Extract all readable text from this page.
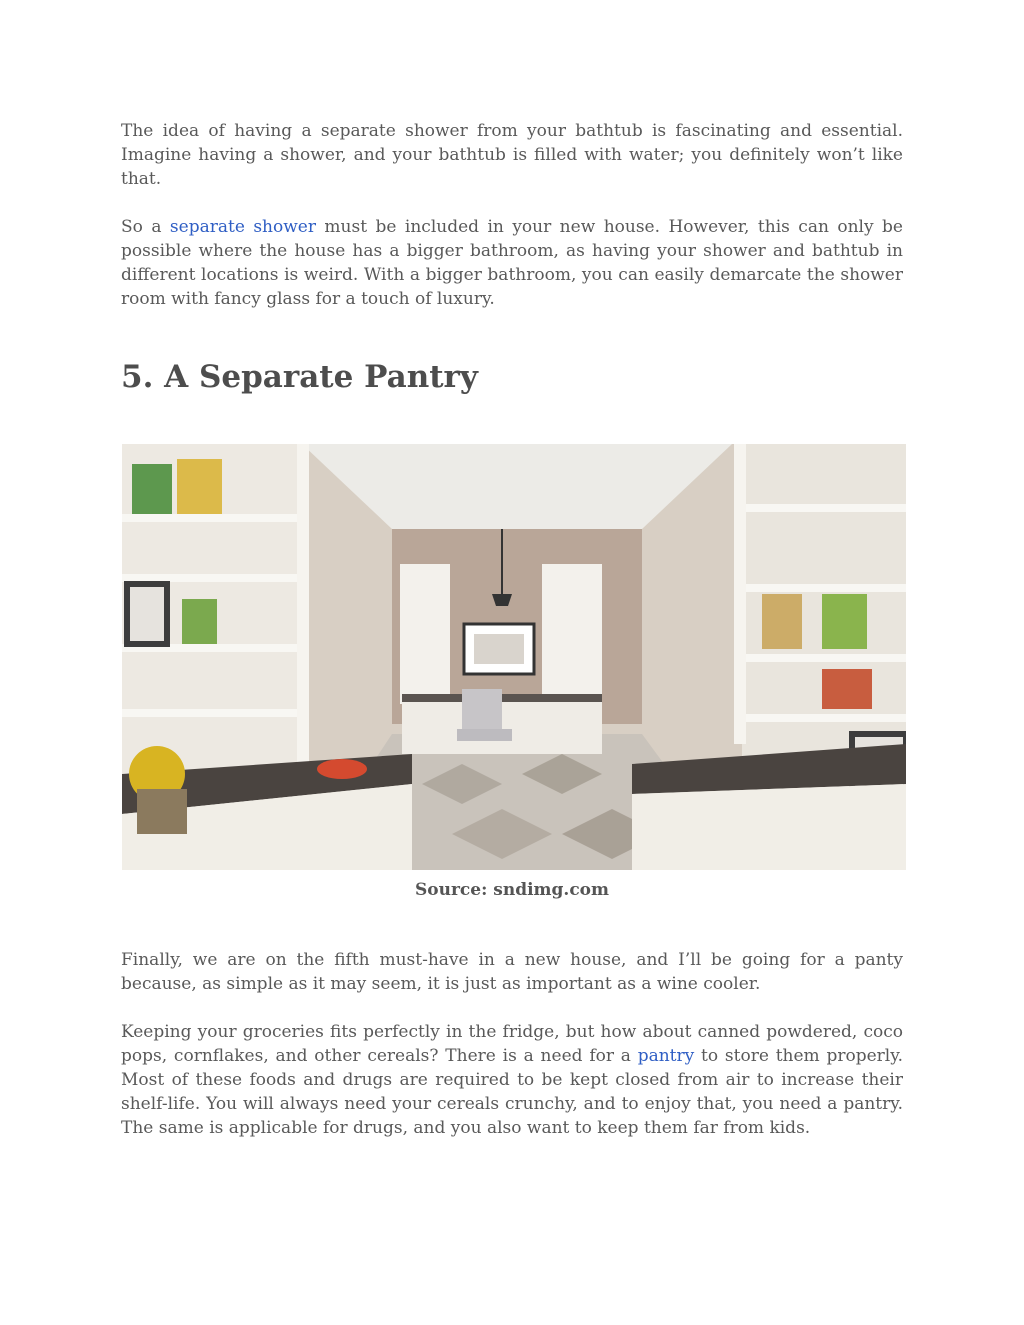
The idea of having a separate shower from your bathtub is fascinating and essential. Imagine having a shower, and your bathtub is filled with water; you definitely won’t like that.

So a separate shower must be included in your new house. However, this can only be possible where the house has a bigger bathroom, as having your shower and bathtub in different locations is weird. With a bigger bathroom, you can easily demarcate the shower room with fancy glass for a touch of luxury.

5. A Separate Pantry
Source: sndimg.com

Finally, we are on the fifth must-have in a new house, and I’ll be going for a panty because, as simple as it may seem, it is just as important as a wine cooler.

Keeping your groceries fits perfectly in the fridge, but how about canned powdered, coco pops, cornflakes, and other cereals? There is a need for a pantry to store them properly. Most of these foods and drugs are required to be kept closed from air to increase their shelf-life. You will always need your cereals crunchy, and to enjoy that, you need a pantry. The same is applicable for drugs, and you also want to keep them far from kids.
